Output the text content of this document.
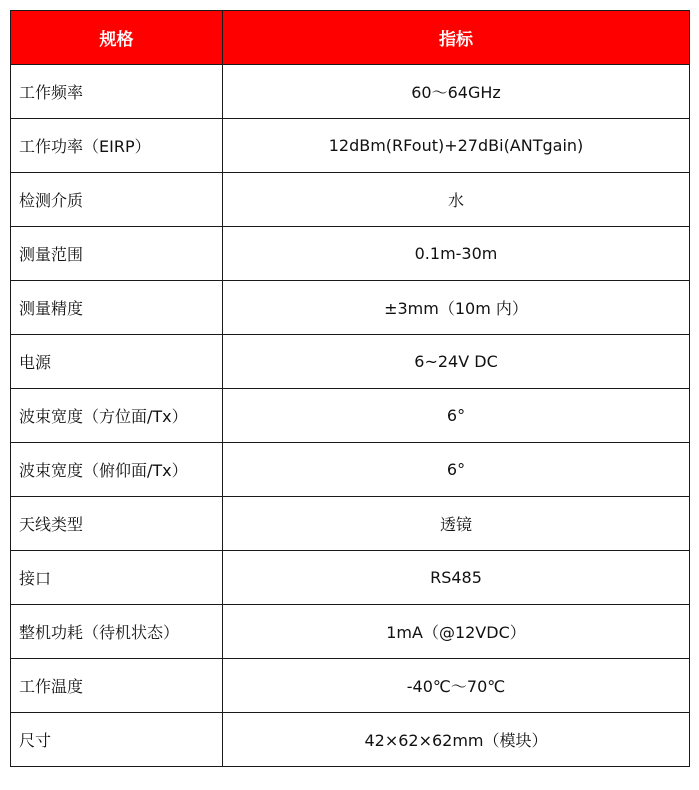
规格	指标
工作频率	60～64GHz
工作功率（EIRP）	12dBm(RFout)+27dBi(ANTgain)
检测介质	水
测量范围	0.1m-30m
测量精度	±3mm（10m 内）
电源	6~24V DC
波束宽度（方位面/Tx）	6°
波束宽度（俯仰面/Tx）	6°
天线类型	透镜
接口	RS485
整机功耗（待机状态）	1mA（@12VDC）
工作温度	-40℃～70℃
尺寸	42×62×62mm（模块）
